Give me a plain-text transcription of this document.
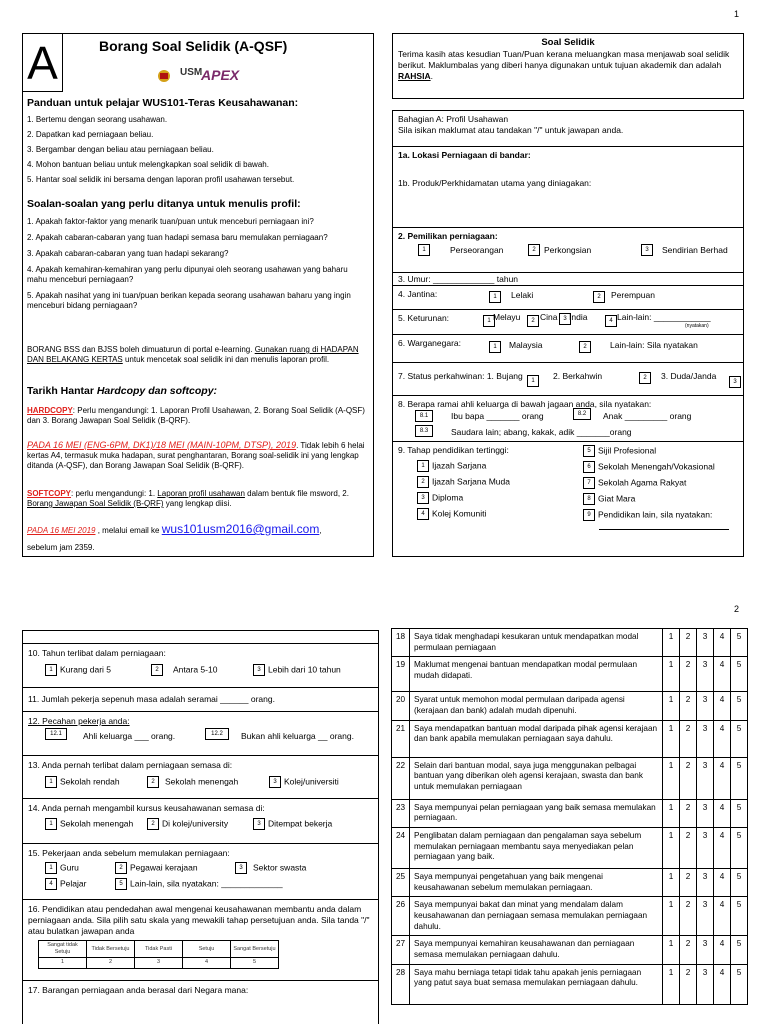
1
A	Borang Soal Selidik (A-QSF)
USM
APEX
Panduan untuk pelajar WUS101-Teras Keusahawanan:
1. Bertemu dengan seorang usahawan.
2. Dapatkan kad perniagaan beliau.
3. Bergambar dengan beliau atau perniagaan beliau.
4. Mohon bantuan beliau untuk melengkapkan soal selidik di bawah.
5. Hantar soal selidik ini bersama dengan laporan profil usahawan tersebut.
Soalan-soalan yang perlu ditanya untuk menulis profil:
1. Apakah faktor-faktor yang menarik tuan/puan untuk menceburi perniagaan ini?
2. Apakah cabaran-cabaran yang tuan hadapi semasa baru memulakan perniagaan?
3. Apakah cabaran-cabaran yang tuan hadapi sekarang?
4. Apakah kemahiran-kemahiran yang perlu dipunyai oleh seorang usahawan yang baharu mahu menceburi perniagaan?
5. Apakah nasihat yang ini tuan/puan berikan kepada seorang usahawan baharu yang ingin menceburi bidang perniagaan?
BORANG BSS dan BJSS boleh dimuaturun di portal e-learning. Gunakan ruang di HADAPAN DAN BELAKANG KERTAS untuk mencetak soal selidik ini dan menulis laporan profil.
Tarikh Hantar Hardcopy dan softcopy:
HARDCOPY: Perlu mengandungi: 1. Laporan Profil Usahawan, 2. Borang Soal Selidik (A-QSF) dan 3. Borang Jawapan Soal Selidik (B-QRF).
PADA 16 MEI (ENG-6PM, DK1)/18 MEI (MAIN-10PM, DTSP), 2019. Tidak lebih 6 helai kertas A4, termasuk muka hadapan, surat penghantaran, Borang soal-selidik ini yang lengkap ditanda (A-QSF), dan Borang Jawapan Soal Selidik (B-QRF).
SOFTCOPY: perlu mengandungi: 1. Laporan profil usahawan dalam bentuk file msword, 2. Borang Jawapan Soal Selidik (B-QRF) yang lengkap diisi.
PADA 16 MEI 2019 , melalui email ke wus101usm2016@gmail.com,
sebelum jam 2359.
Soal Selidik
Terima kasih atas kesudian Tuan/Puan kerana meluangkan masa menjawab soal selidik berikut. Maklumbalas yang diberi hanya digunakan untuk tujuan akademik dan adalah RAHSIA.
Bahagian A: Profil Usahawan
Sila isikan maklumat atau tandakan "/" untuk jawapan anda.
1a. Lokasi Perniagaan di bandar:
1b. Produk/Perkhidamatan utama yang diniagakan:
2. Pemilikan perniagaan:
1	Perseorangan	2 Perkongsian	3	Sendirian Berhad
3. Umur: _____________ tahun
4. Jantina:	1	Lelaki	2	Perempuan
5. Keturunan:	1 Melayu	2 Cina 3 India	4 Lain-lain: ____________
(nyatakan)
6. Warganegara:	1	Malaysia	2	Lain-lain: Sila nyatakan
7. Status perkahwinan: 1. Bujang	1	2. Berkahwin	2	3. Duda/Janda
3
8. Berapa ramai ahli keluarga di bawah jagaan anda, sila nyatakan:
8.1	Ibu bapa _______ orang	8.2	Anak _________ orang
8.3	Saudara lain; abang, kakak, adik _______orang
9. Tahap pendidikan tertinggi:
1 Ijazah Sarjana
2 Ijazah Sarjana Muda
3 Diploma
4 Kolej Komuniti
5 Sijil Profesional
6 Sekolah Menengah/Vokasional
7 Sekolah Agama Rakyat
8 Giat Mara
9 Pendidikan lain, sila nyatakan:
2
10. Tahun terlibat dalam perniagaan:
1 Kurang dari 5	2 Antara 5-10	3 Lebih dari 10 tahun
11. Jumlah pekerja sepenuh masa adalah seramai ______ orang.
12. Pecahan pekerja anda:
12.1	Ahli keluarga ___ orang.	12.2	Bukan ahli keluarga __ orang.
13. Anda pernah terlibat dalam perniagaan semasa di:
1 Sekolah rendah	2 Sekolah menengah	3 Kolej/universiti
14. Anda pernah mengambil kursus keusahawanan semasa di:
1 Sekolah menengah	2 Di kolej/university	3 Ditempat bekerja
15. Pekerjaan anda sebelum memulakan perniagaan:
1 Guru	2 Pegawai kerajaan	3 Sektor swasta
4 Pelajar	5 Lain-lain, sila nyatakan: _____________
16. Pendidikan atau pendedahan awal mengenai keusahawanan membantu anda dalam perniagaan anda. Sila pilih satu skala yang mewakili tahap persetujuan anda. Sila tanda "/" atau bulatkan jawapan anda
Sangat tidak Setuju	Tidak Bersetuju	Tidak Pasti	Setuju	Sangat Bersetuju
1	2	3	4	5
17. Barangan perniagaan anda berasal dari Negara mana:
18	Saya tidak menghadapi kesukaran untuk mendapatkan modal permulaan perniagaan	1	2	3	4	5
19	Maklumat mengenai bantuan mendapatkan modal permulaan mudah didapati.	1	2	3	4	5
20	Syarat untuk memohon modal permulaan daripada agensi (kerajaan dan bank) adalah mudah dipenuhi.	1	2	3	4	5
21	Saya mendapatkan bantuan modal daripada pihak agensi kerajaan dan bank apabila memulakan perniagaan saya dahulu.	1	2	3	4	5
22	Selain dari bantuan modal, saya juga menggunakan pelbagai bantuan yang diberikan oleh agensi kerajaan, swasta dan bank untuk memulakan perniagaan	1	2	3	4	5
23	Saya mempunyai pelan perniagaan yang baik semasa memulakan perniagaan.	1	2	3	4	5
24	Penglibatan dalam perniagaan dan pengalaman saya sebelum memulakan perniagaan membantu saya menyediakan pelan perniagaan yang baik.	1	2	3	4	5
25	Saya mempunyai pengetahuan yang baik mengenai keusahawanan sebelum memulakan perniagaan.	1	2	3	4	5
26	Saya mempunyai bakat dan minat yang mendalam dalam keusahawanan dan perniagaan semasa memulakan perniagaan dahulu.	1	2	3	4	5
27	Saya mempunyai kemahiran keusahawanan dan perniagaan semasa memulakan perniagaan dahulu.	1	2	3	4	5
28	Saya mahu berniaga tetapi tidak tahu apakah jenis perniagaan yang patut saya buat semasa memulakan perniagaan dahulu.	1	2	3	4	5
